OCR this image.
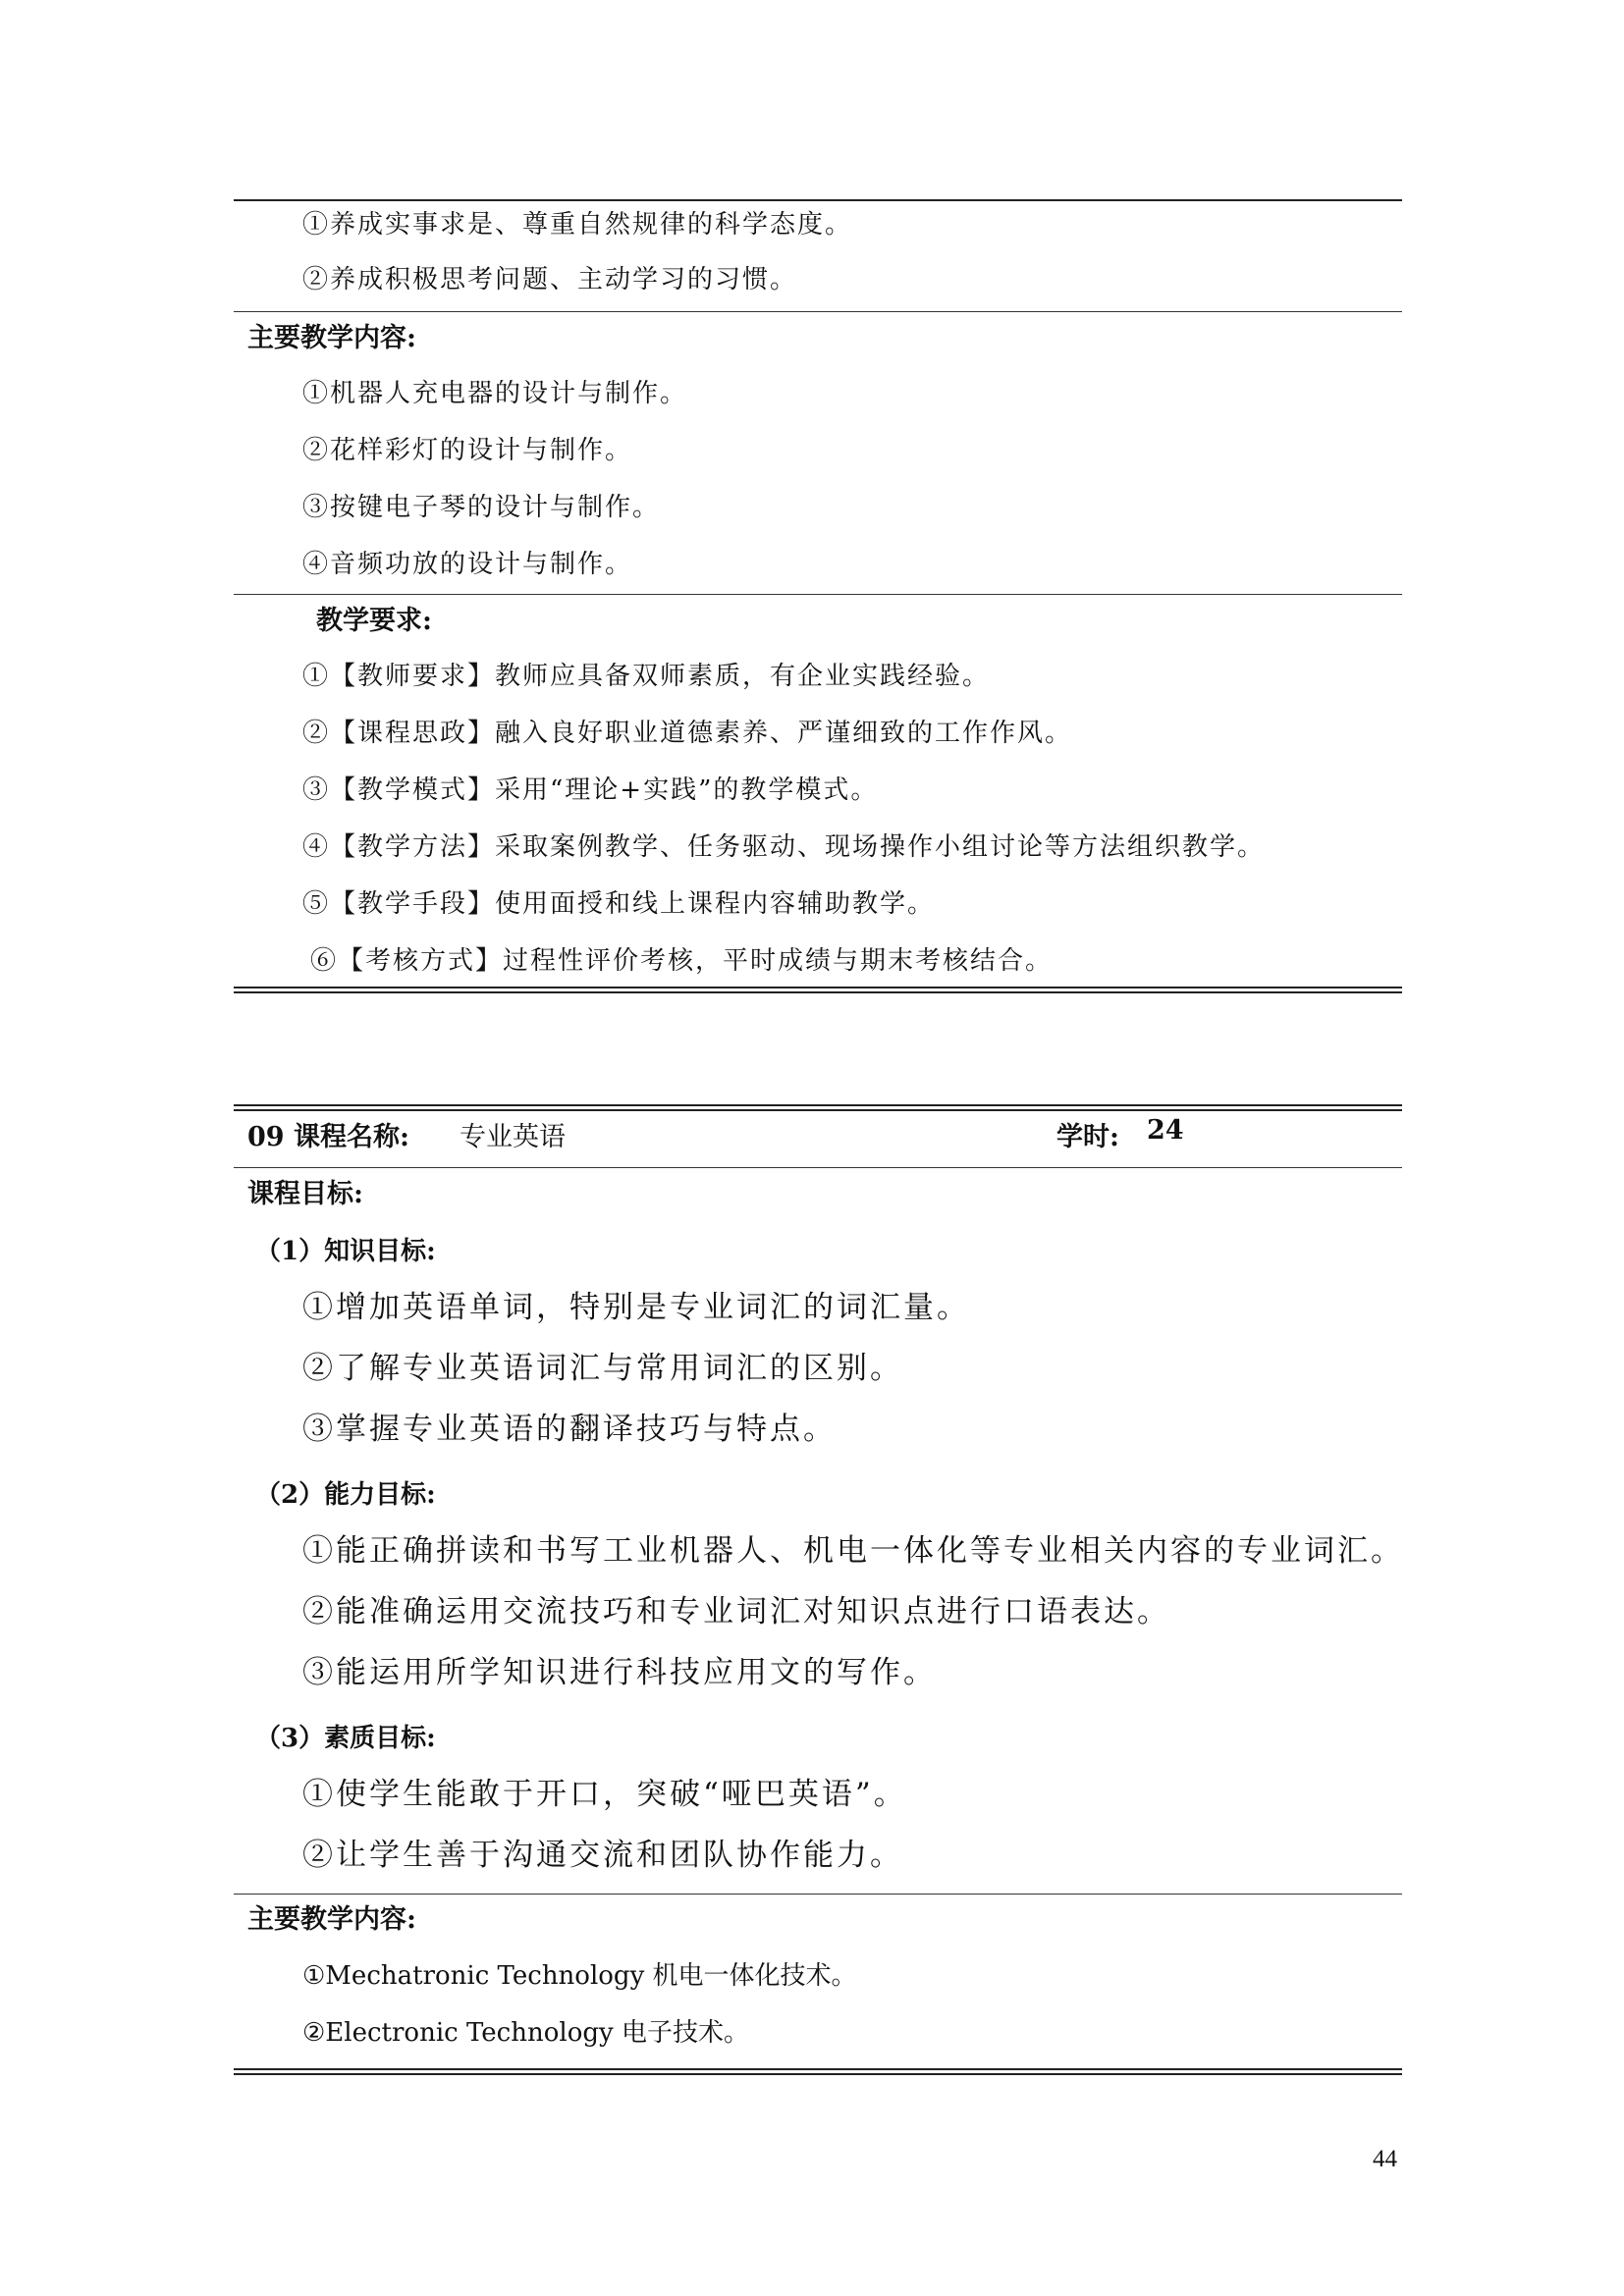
①养成实事求是、尊重自然规律的科学态度。
②养成积极思考问题、主动学习的习惯。
主要教学内容:
①机器人充电器的设计与制作。
②花样彩灯的设计与制作。
③按键电子琴的设计与制作。
④音频功放的设计与制作。
教学要求:
①【教师要求】教师应具备双师素质，有企业实践经验。
②【课程思政】融入良好职业道德素养、严谨细致的工作作风。
③【教学模式】采用“理论+实践”的教学模式。
④【教学方法】采取案例教学、任务驱动、现场操作小组讨论等方法组织教学。
⑤【教学手段】使用面授和线上课程内容辅助教学。
⑥【考核方式】过程性评价考核，平时成绩与期末考核结合。
09 课程名称: 专业英语	学时: 24
课程目标:
（1）知识目标:
①增加英语单词，特别是专业词汇的词汇量。
②了解专业英语词汇与常用词汇的区别。
③掌握专业英语的翻译技巧与特点。
（2）能力目标:
①能正确拼读和书写工业机器人、机电一体化等专业相关内容的专业词汇。
②能准确运用交流技巧和专业词汇对知识点进行口语表达。
③能运用所学知识进行科技应用文的写作。
（3）素质目标:
①使学生能敢于开口，突破“哑巴英语”。
②让学生善于沟通交流和团队协作能力。
主要教学内容:
①Mechatronic Technology 机电一体化技术。
②Electronic Technology 电子技术。
44
